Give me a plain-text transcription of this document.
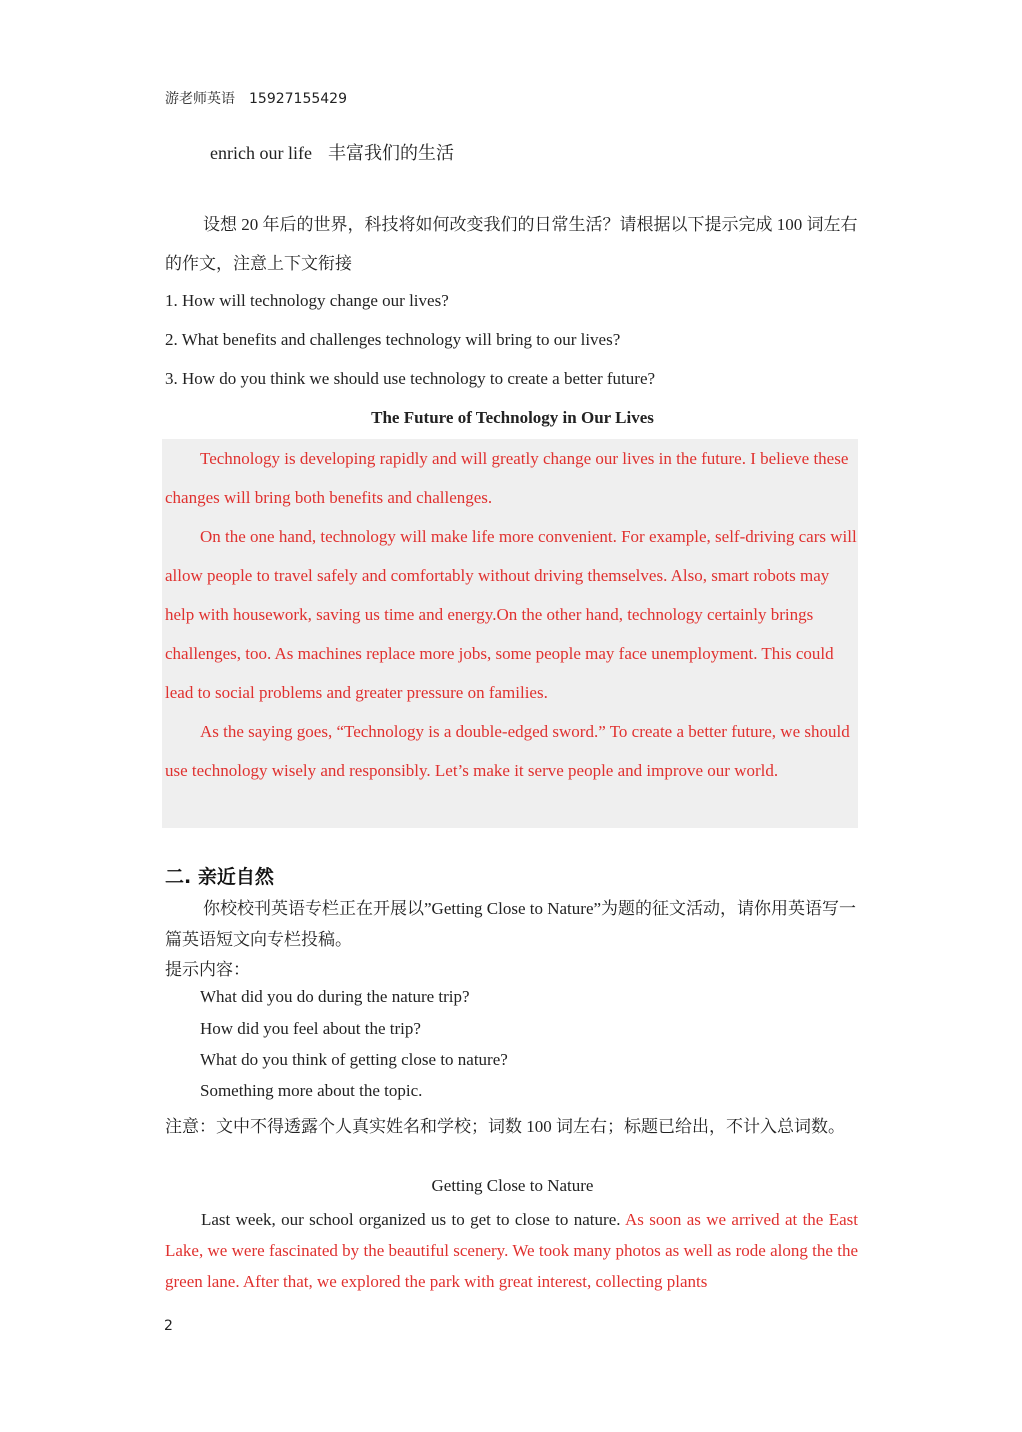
游老师英语 15927155429
enrich our life 丰富我们的生活
设想 20 年后的世界，科技将如何改变我们的日常生活？请根据以下提示完成 100 词左右的作文，注意上下文衔接
1. How will technology change our lives?
2. What benefits and challenges technology will bring to our lives?
3. How do you think we should use technology to create a better future?
The Future of Technology in Our Lives

Technology is developing rapidly and will greatly change our lives in the future. I believe these changes will bring both benefits and challenges.

On the one hand, technology will make life more convenient. For example, self-driving cars will allow people to travel safely and comfortably without driving themselves. Also, smart robots may help with housework, saving us time and energy.On the other hand, technology certainly brings challenges, too. As machines replace more jobs, some people may face unemployment. This could lead to social problems and greater pressure on families.

As the saying goes, “Technology is a double-edged sword.” To create a better future, we should use technology wisely and responsibly. Let’s make it serve people and improve our world.

二. 亲近自然
你校校刊英语专栏正在开展以”Getting Close to Nature”为题的征文活动，请你用英语写一篇英语短文向专栏投稿。
提示内容：
What did you do during the nature trip?
How did you feel about the trip?
What do you think of getting close to nature?
Something more about the topic.
注意：文中不得透露个人真实姓名和学校；词数 100 词左右；标题已给出，不计入总词数。
Getting Close to Nature
Last week, our school organized us to get to close to nature. As soon as we arrived at the East Lake, we were fascinated by the beautiful scenery. We took many photos as well as rode along the the green lane. After that, we explored the park with great interest, collecting plants
2
